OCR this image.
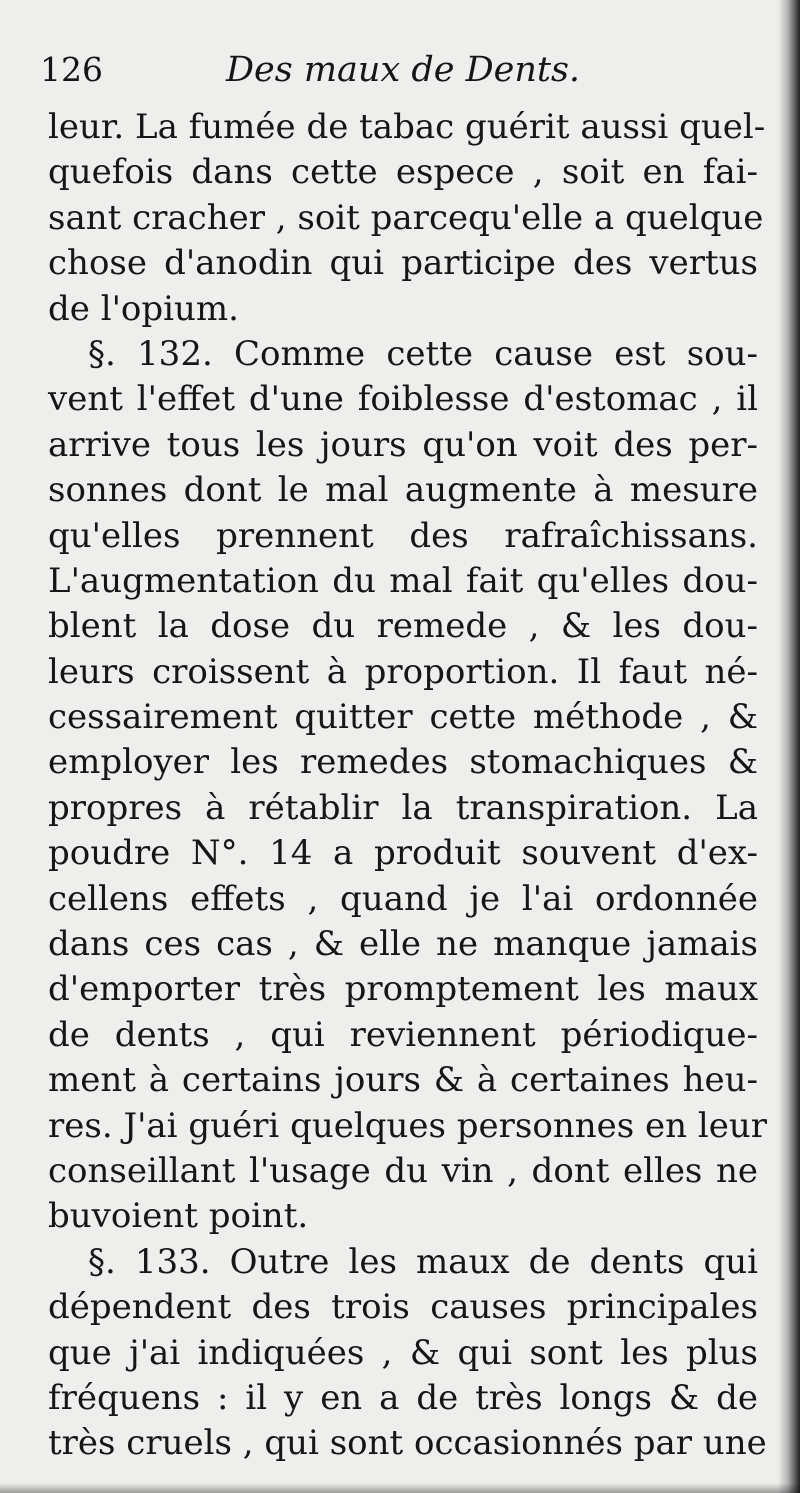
126	Des maux de Dents.
leur. La fumée de tabac guérit aussi quel-
quefois dans cette espece , soit en fai-
sant cracher , soit parcequ'elle a quelque
chose d'anodin qui participe des vertus
de l'opium.
§. 132. Comme cette cause est sou-
vent l'effet d'une foiblesse d'estomac , il
arrive tous les jours qu'on voit des per-
sonnes dont le mal augmente à mesure
qu'elles prennent des rafraîchissans.
L'augmentation du mal fait qu'elles dou-
blent la dose du remede , & les dou-
leurs croissent à proportion. Il faut né-
cessairement quitter cette méthode , &
employer les remedes stomachiques &
propres à rétablir la transpiration. La
poudre N°. 14 a produit souvent d'ex-
cellens effets , quand je l'ai ordonnée
dans ces cas , & elle ne manque jamais
d'emporter très promptement les maux
de dents , qui reviennent périodique-
ment à certains jours & à certaines heu-
res. J'ai guéri quelques personnes en leur
conseillant l'usage du vin , dont elles ne
buvoient point.
§. 133. Outre les maux de dents qui
dépendent des trois causes principales
que j'ai indiquées , & qui sont les plus
fréquens : il y en a de très longs & de
très cruels , qui sont occasionnés par une
